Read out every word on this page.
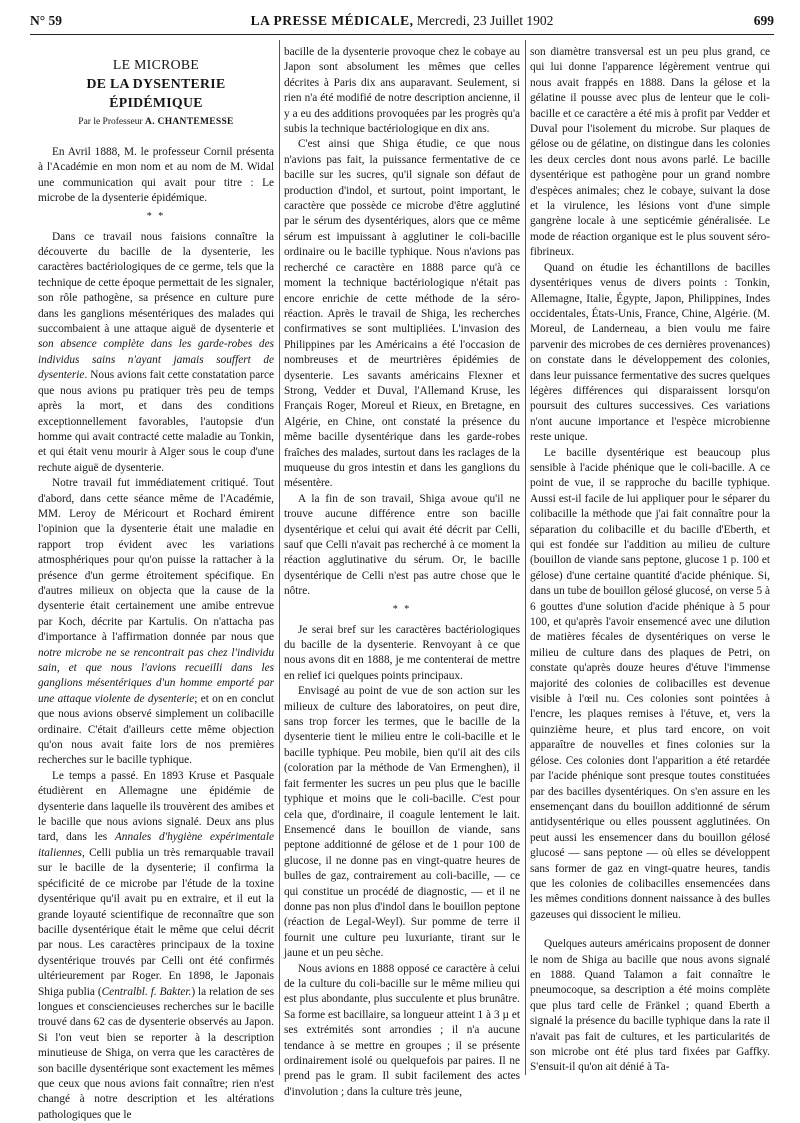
N° 59	LA PRESSE MÉDICALE, Mercredi, 23 Juillet 1902	699
LE MICROBE
DE LA DYSENTERIE ÉPIDÉMIQUE
Par le Professeur A. CHANTEMESSE

En Avril 1888, M. le professeur Cornil présenta à l'Académie en mon nom et au nom de M. Widal une communication qui avait pour titre : Le microbe de la dysenterie épidémique.

* *

Dans ce travail nous faisions connaître la découverte du bacille de la dysenterie, les caractères bactériologiques de ce germe, tels que la technique de cette époque permettait de les signaler, son rôle pathogène, sa présence en culture pure dans les ganglions mésentériques des malades qui succombaient à une attaque aiguë de dysenterie et son absence complète dans les garde-robes des individus sains n'ayant jamais souffert de dysenterie. Nous avions fait cette constatation parce que nous avions pu pratiquer très peu de temps après la mort, et dans des conditions exceptionnellement favorables, l'autopsie d'un homme qui avait contracté cette maladie au Tonkin, et qui était venu mourir à Alger sous le coup d'une rechute aiguë de dysenterie.

Notre travail fut immédiatement critiqué. Tout d'abord, dans cette séance même de l'Académie, MM. Leroy de Méricourt et Rochard émirent l'opinion que la dysenterie était une maladie en rapport trop évident avec les variations atmosphériques pour qu'on puisse la rattacher à la présence d'un germe étroitement spécifique. En d'autres milieux on objecta que la cause de la dysenterie était certainement une amibe entrevue par Koch, décrite par Kartulis. On n'attacha pas d'importance à l'affirmation donnée par nous que notre microbe ne se rencontrait pas chez l'individu sain, et que nous l'avions recueilli dans les ganglions mésentériques d'un homme emporté par une attaque violente de dysenterie; et on en conclut que nous avions observé simplement un colibacille ordinaire. C'était d'ailleurs cette même objection qu'on nous avait faite lors de nos premières recherches sur le bacille typhique.

Le temps a passé. En 1893 Kruse et Pasquale étudièrent en Allemagne une épidémie de dysenterie dans laquelle ils trouvèrent des amibes et le bacille que nous avions signalé. Deux ans plus tard, dans les Annales d'hygiène expérimentale italiennes, Celli publia un très remarquable travail sur le bacille de la dysenterie; il confirma la spécificité de ce microbe par l'étude de la toxine dysentérique qu'il avait pu en extraire, et il eut la grande loyauté scientifique de reconnaître que son bacille dysentérique était le même que celui décrit par nous. Les caractères principaux de la toxine dysentérique trouvés par Celli ont été confirmés ultérieurement par Roger. En 1898, le Japonais Shiga publia (Centralbl. f. Bakter.) la relation de ses longues et consciencieuses recherches sur le bacille trouvé dans 62 cas de dysenterie observés au Japon. Si l'on veut bien se reporter à la description minutieuse de Shiga, on verra que les caractères de son bacille dysentérique sont exactement les mêmes que ceux que nous avions fait connaître; rien n'est changé à notre description et les altérations pathologiques que le

bacille de la dysenterie provoque chez le cobaye au Japon sont absolument les mêmes que celles décrites à Paris dix ans auparavant. Seulement, si rien n'a été modifié de notre description ancienne, il y a eu des additions provoquées par les progrès qu'a subis la technique bactériologique en dix ans.

C'est ainsi que Shiga étudie, ce que nous n'avions pas fait, la puissance fermentative de ce bacille sur les sucres, qu'il signale son défaut de production d'indol, et surtout, point important, le caractère que possède ce microbe d'être agglutiné par le sérum des dysentériques, alors que ce même sérum est impuissant à agglutiner le coli-bacille ordinaire ou le bacille typhique. Nous n'avions pas recherché ce caractère en 1888 parce qu'à ce moment la technique bactériologique n'était pas encore enrichie de cette méthode de la séro-réaction. Après le travail de Shiga, les recherches confirmatives se sont multipliées. L'invasion des Philippines par les Américains a été l'occasion de nombreuses et de meurtrières épidémies de dysenterie. Les savants américains Flexner et Strong, Vedder et Duval, l'Allemand Kruse, les Français Roger, Moreul et Rieux, en Bretagne, en Algérie, en Chine, ont constaté la présence du même bacille dysentérique dans les garde-robes fraîches des malades, surtout dans les raclages de la muqueuse du gros intestin et dans les ganglions du mésentère.

A la fin de son travail, Shiga avoue qu'il ne trouve aucune différence entre son bacille dysentérique et celui qui avait été décrit par Celli, sauf que Celli n'avait pas recherché à ce moment la réaction agglutinative du sérum. Or, le bacille dysentérique de Celli n'est pas autre chose que le nôtre.

* *

Je serai bref sur les caractères bactériologiques du bacille de la dysenterie. Renvoyant à ce que nous avons dit en 1888, je me contenterai de mettre en relief ici quelques points principaux.

Envisagé au point de vue de son action sur les milieux de culture des laboratoires, on peut dire, sans trop forcer les termes, que le bacille de la dysenterie tient le milieu entre le coli-bacille et le bacille typhique. Peu mobile, bien qu'il ait des cils (coloration par la méthode de Van Ermenghen), il fait fermenter les sucres un peu plus que le bacille typhique et moins que le coli-bacille. C'est pour cela que, d'ordinaire, il coagule lentement le lait. Ensemencé dans le bouillon de viande, sans peptone additionné de gélose et de 1 pour 100 de glucose, il ne donne pas en vingt-quatre heures de bulles de gaz, contrairement au coli-bacille, — ce qui constitue un procédé de diagnostic, — et il ne donne pas non plus d'indol dans le bouillon peptone (réaction de Legal-Weyl). Sur pomme de terre il fournit une culture peu luxuriante, tirant sur le jaune et un peu sèche.

Nous avions en 1888 opposé ce caractère à celui de la culture du coli-bacille sur le même milieu qui est plus abondante, plus succulente et plus brunâtre. Sa forme est bacillaire, sa longueur atteint 1 à 3 µ et ses extrémités sont arrondies ; il n'a aucune tendance à se mettre en groupes ; il se présente ordinairement isolé ou quelquefois par paires. Il ne prend pas le gram. Il subit facilement des actes d'involution ; dans la culture très jeune,

son diamètre transversal est un peu plus grand, ce qui lui donne l'apparence légèrement ventrue qui nous avait frappés en 1888. Dans la gélose et la gélatine il pousse avec plus de lenteur que le coli-bacille et ce caractère a été mis à profit par Vedder et Duval pour l'isolement du microbe. Sur plaques de gélose ou de gélatine, on distingue dans les colonies les deux cercles dont nous avons parlé. Le bacille dysentérique est pathogène pour un grand nombre d'espèces animales; chez le cobaye, suivant la dose et la virulence, les lésions vont d'une simple gangrène locale à une septicémie généralisée. Le mode de réaction organique est le plus souvent séro-fibrineux.

Quand on étudie les échantillons de bacilles dysentériques venus de divers points : Tonkin, Allemagne, Italie, Égypte, Japon, Philippines, Indes occidentales, États-Unis, France, Chine, Algérie. (M. Moreul, de Landerneau, a bien voulu me faire parvenir des microbes de ces dernières provenances) on constate dans le développement des colonies, dans leur puissance fermentative des sucres quelques légères différences qui disparaissent lorsqu'on poursuit des cultures successives. Ces variations n'ont aucune importance et l'espèce microbienne reste unique.

Le bacille dysentérique est beaucoup plus sensible à l'acide phénique que le coli-bacille. A ce point de vue, il se rapproche du bacille typhique. Aussi est-il facile de lui appliquer pour le séparer du colibacille la méthode que j'ai fait connaître pour la séparation du colibacille et du bacille d'Eberth, et qui est fondée sur l'addition au milieu de culture (bouillon de viande sans peptone, glucose 1 p. 100 et gélose) d'une certaine quantité d'acide phénique. Si, dans un tube de bouillon gélosé glucosé, on verse 5 à 6 gouttes d'une solution d'acide phénique à 5 pour 100, et qu'après l'avoir ensemencé avec une dilution de matières fécales de dysentériques on verse le milieu de culture dans des plaques de Petri, on constate qu'après douze heures d'étuve l'immense majorité des colonies de colibacilles est devenue visible à l'œil nu. Ces colonies sont pointées à l'encre, les plaques remises à l'étuve, et, vers la quinzième heure, et plus tard encore, on voit apparaître de nouvelles et fines colonies sur la gélose. Ces colonies dont l'apparition a été retardée par l'acide phénique sont presque toutes constituées par des bacilles dysentériques. On s'en assure en les ensemençant dans du bouillon additionné de sérum antidysentérique ou elles poussent agglutinées. On peut aussi les ensemencer dans du bouillon gélosé glucosé — sans peptone — où elles se développent sans former de gaz en vingt-quatre heures, tandis que les colonies de colibacilles ensemencées dans les mêmes conditions donnent naissance à des bulles gazeuses qui dissocient le milieu.

Quelques auteurs américains proposent de donner le nom de Shiga au bacille que nous avons signalé en 1888. Quand Talamon a fait connaître le pneumocoque, sa description a été moins complète que plus tard celle de Fränkel ; quand Eberth a signalé la présence du bacille typhique dans la rate il n'avait pas fait de cultures, et les particularités de son microbe ont été plus tard fixées par Gaffky. S'ensuit-il qu'on ait dénié à Ta-
